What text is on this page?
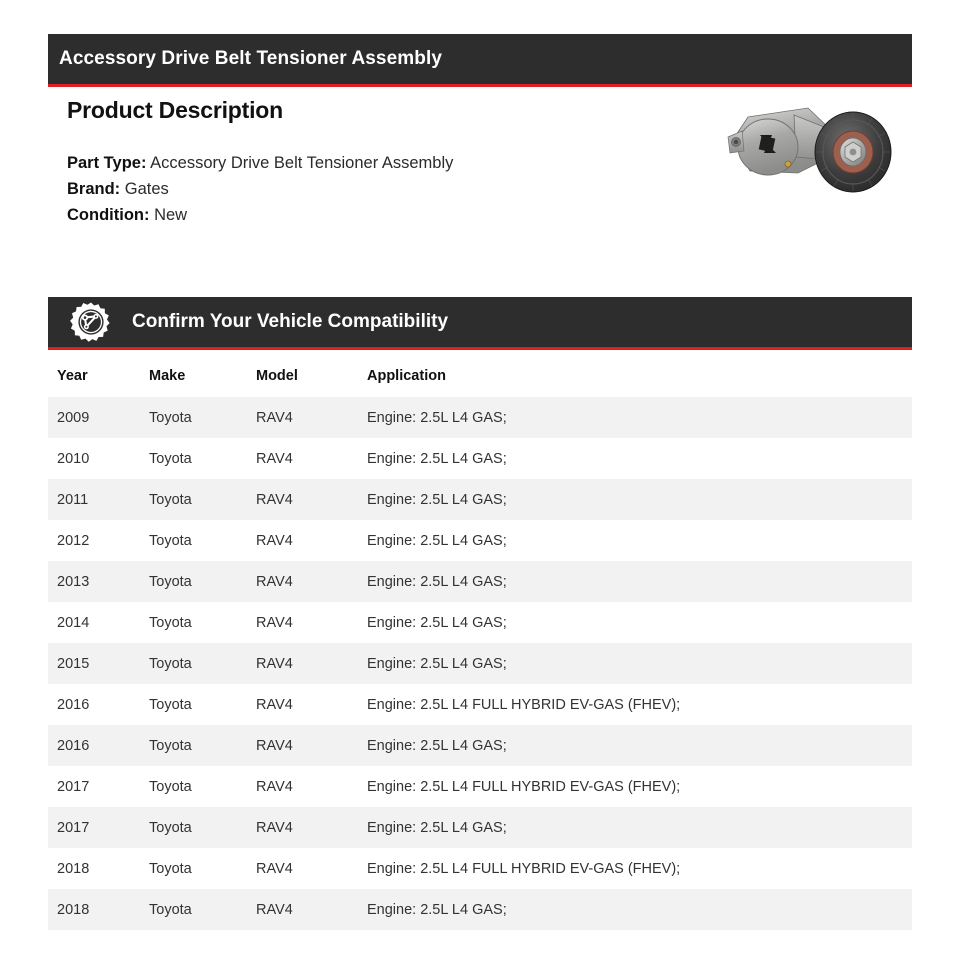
Accessory Drive Belt Tensioner Assembly
Product Description
Part Type: Accessory Drive Belt Tensioner Assembly
Brand: Gates
Condition: New
Confirm Your Vehicle Compatibility
Year	Make	Model	Application
2009	Toyota	RAV4	Engine: 2.5L L4 GAS;
2010	Toyota	RAV4	Engine: 2.5L L4 GAS;
2011	Toyota	RAV4	Engine: 2.5L L4 GAS;
2012	Toyota	RAV4	Engine: 2.5L L4 GAS;
2013	Toyota	RAV4	Engine: 2.5L L4 GAS;
2014	Toyota	RAV4	Engine: 2.5L L4 GAS;
2015	Toyota	RAV4	Engine: 2.5L L4 GAS;
2016	Toyota	RAV4	Engine: 2.5L L4 FULL HYBRID EV-GAS (FHEV);
2016	Toyota	RAV4	Engine: 2.5L L4 GAS;
2017	Toyota	RAV4	Engine: 2.5L L4 FULL HYBRID EV-GAS (FHEV);
2017	Toyota	RAV4	Engine: 2.5L L4 GAS;
2018	Toyota	RAV4	Engine: 2.5L L4 FULL HYBRID EV-GAS (FHEV);
2018	Toyota	RAV4	Engine: 2.5L L4 GAS;
